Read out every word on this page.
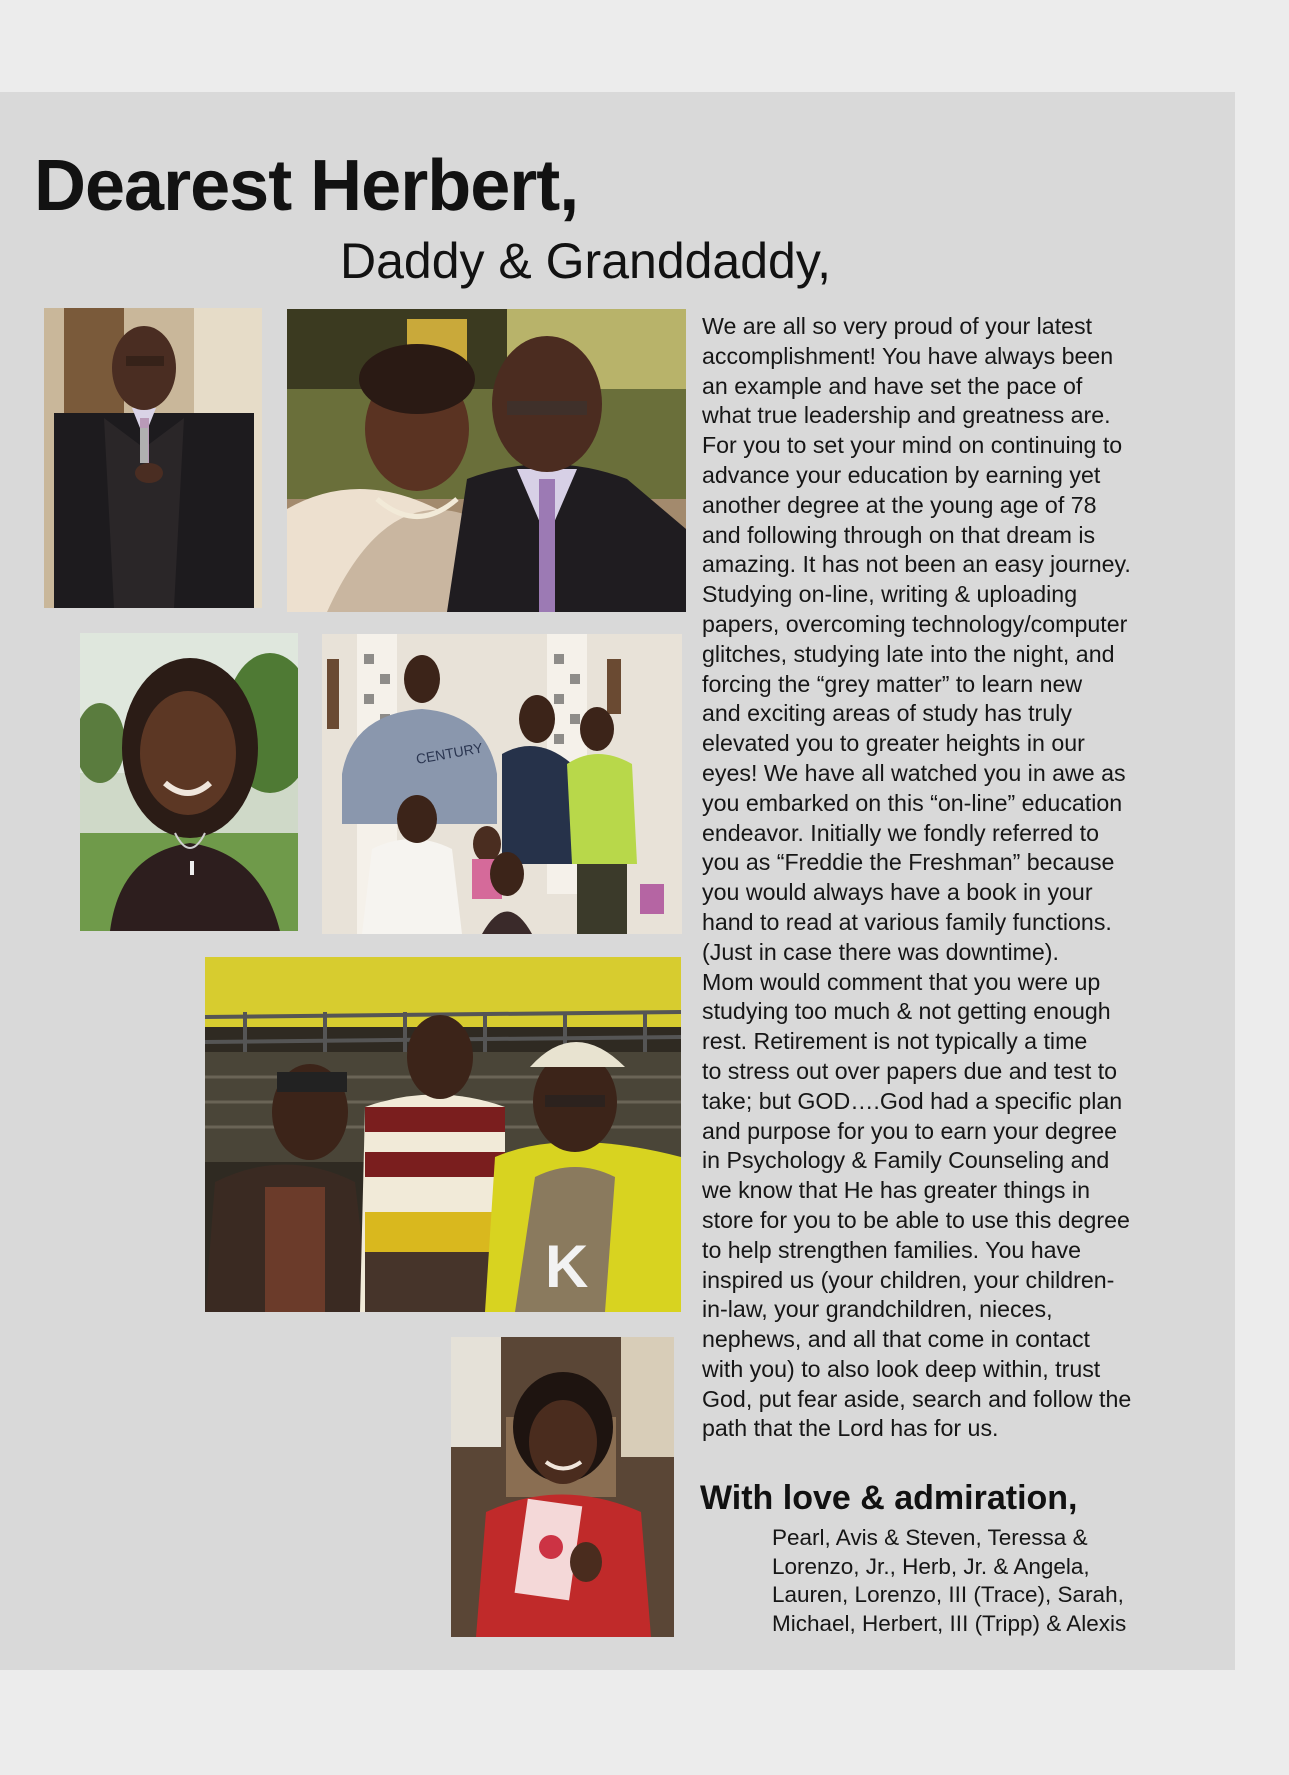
Dearest Herbert,
Daddy & Granddaddy,
CENTURY
K
We are all so very proud of your latest
accomplishment! You have always been
an example and have set the pace of
what true leadership and greatness are.
For you to set your mind on continuing to
advance your education by earning yet
another degree at the young age of 78
and following through on that dream is
amazing. It has not been an easy journey.
Studying on-line, writing & uploading
papers, overcoming technology/computer
glitches, studying late into the night, and
forcing the “grey matter” to learn new
and exciting areas of study has truly
elevated you to greater heights in our
eyes! We have all watched you in awe as
you embarked on this “on-line” education
endeavor. Initially we fondly referred to
you as “Freddie the Freshman” because
you would always have a book in your
hand to read at various family functions.
(Just in case there was downtime).
Mom would comment that you were up
studying too much & not getting enough
rest. Retirement is not typically a time
to stress out over papers due and test to
take; but GOD….God had a specific plan
and purpose for you to earn your degree
in Psychology & Family Counseling and
we know that He has greater things in
store for you to be able to use this degree
to help strengthen families. You have
inspired us (your children, your children-
in-law, your grandchildren, nieces,
nephews, and all that come in contact
with you) to also look deep within, trust
God, put fear aside, search and follow the
path that the Lord has for us.
With love & admiration,
Pearl, Avis & Steven, Teressa &
Lorenzo, Jr., Herb, Jr. & Angela,
Lauren, Lorenzo, III (Trace), Sarah,
Michael, Herbert, III (Tripp) & Alexis
